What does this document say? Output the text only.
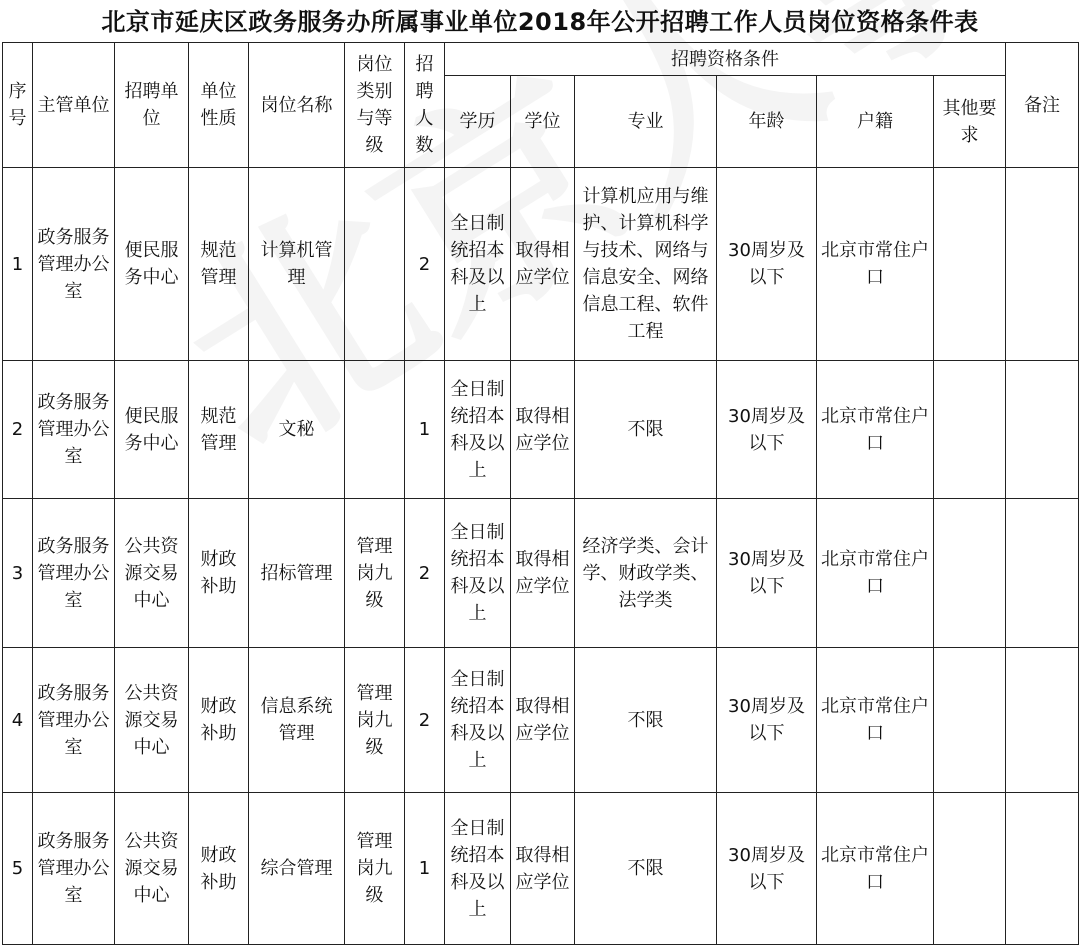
北京市延庆区政务服务办所属事业单位2018年公开招聘工作人员岗位资格条件表
序号	主管单位	招聘单位	单位性质	岗位名称	岗位类别与等级	招聘人数	招聘资格条件						备注
							学历	学位	专业	年龄	户籍	其他要求	
1	政务服务管理办公室	便民服务中心	规范管理	计算机管理		2	全日制统招本科及以上	取得相应学位	计算机应用与维护、计算机科学与技术、网络与信息安全、网络信息工程、软件工程	30周岁及以下	北京市常住户口		
2	政务服务管理办公室	便民服务中心	规范管理	文秘		1	全日制统招本科及以上	取得相应学位	不限	30周岁及以下	北京市常住户口		
3	政务服务管理办公室	公共资源交易中心	财政补助	招标管理	管理岗九级	2	全日制统招本科及以上	取得相应学位	经济学类、会计学、财政学类、法学类	30周岁及以下	北京市常住户口		
4	政务服务管理办公室	公共资源交易中心	财政补助	信息系统管理	管理岗九级	2	全日制统招本科及以上	取得相应学位	不限	30周岁及以下	北京市常住户口		
5	政务服务管理办公室	公共资源交易中心	财政补助	综合管理	管理岗九级	1	全日制统招本科及以上	取得相应学位	不限	30周岁及以下	北京市常住户口		
